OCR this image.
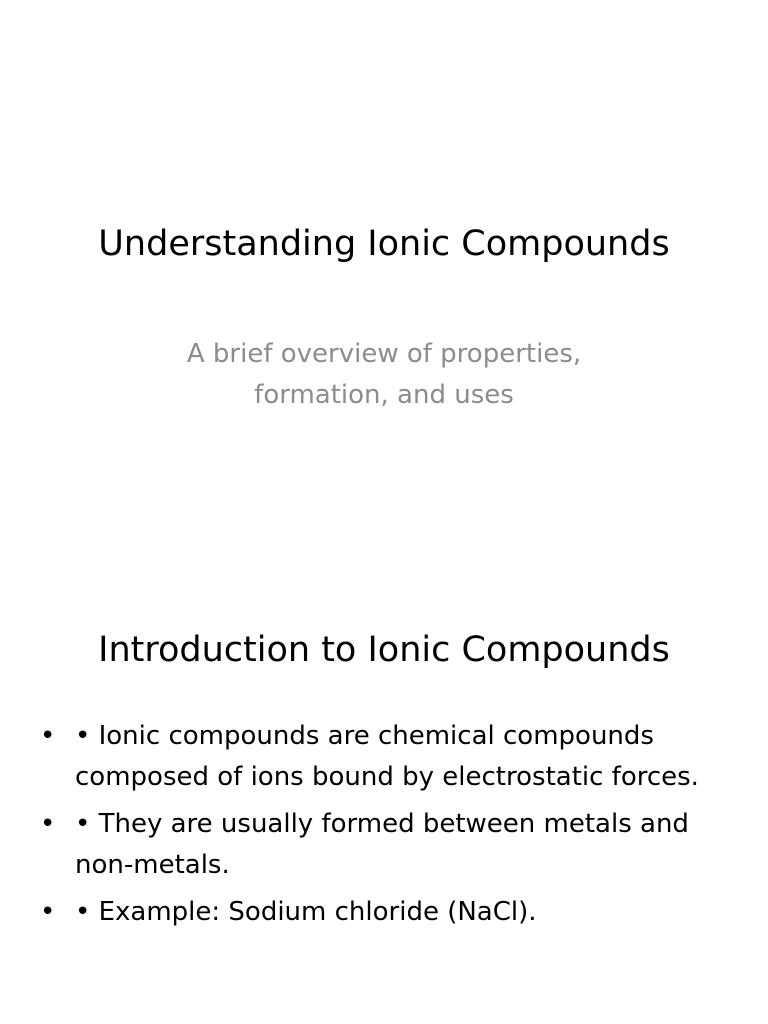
Understanding Ionic Compounds
A brief overview of properties,
formation, and uses
Introduction to Ionic Compounds
• • Ionic compounds are chemical compounds composed of ions bound by electrostatic forces.
• • They are usually formed between metals and non-metals.
• • Example: Sodium chloride (NaCl).
